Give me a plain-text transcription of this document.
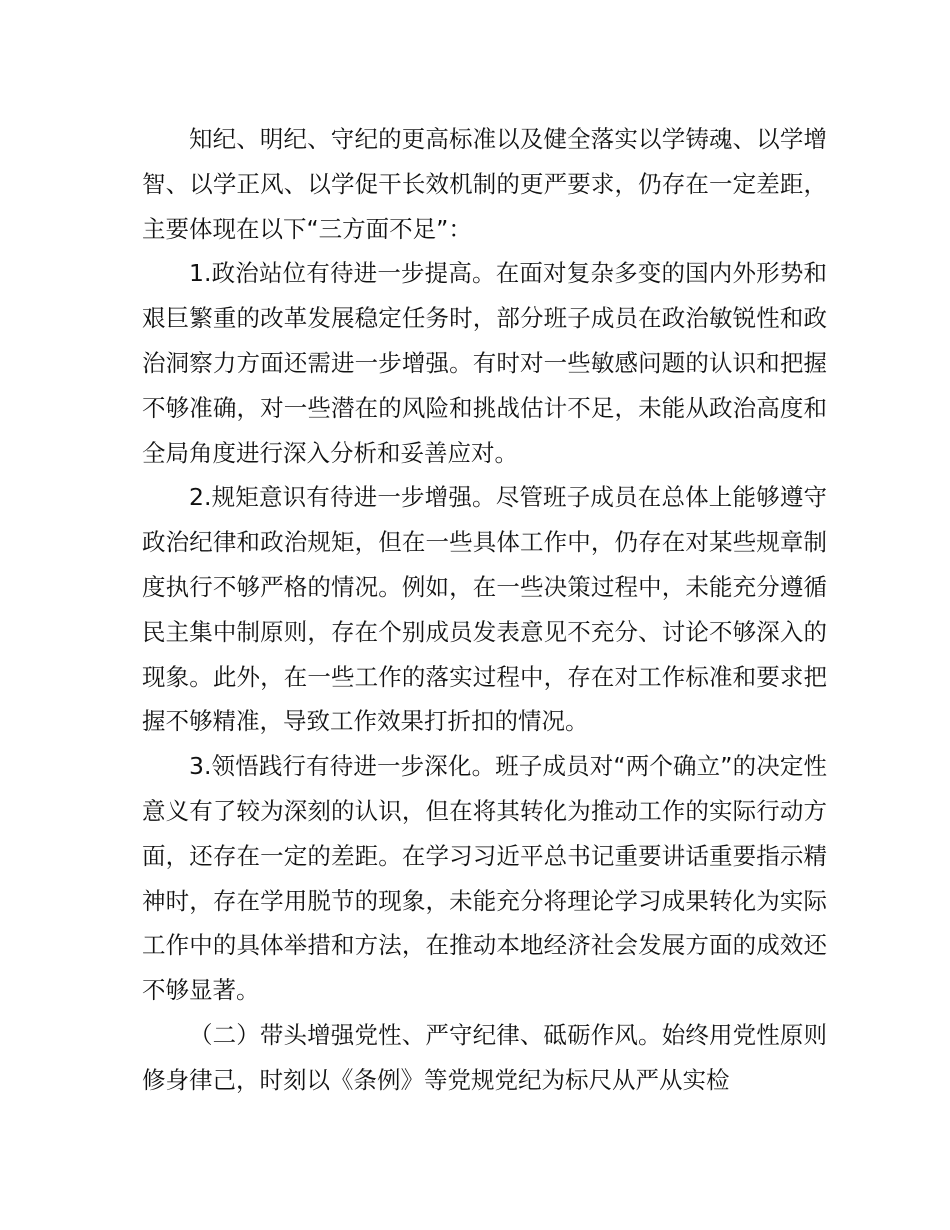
知纪、明纪、守纪的更高标准以及健全落实以学铸魂、以学增智、以学正风、以学促干长效机制的更严要求，仍存在一定差距，主要体现在以下“三方面不足”：

1.政治站位有待进一步提高。在面对复杂多变的国内外形势和艰巨繁重的改革发展稳定任务时，部分班子成员在政治敏锐性和政治洞察力方面还需进一步增强。有时对一些敏感问题的认识和把握不够准确，对一些潜在的风险和挑战估计不足，未能从政治高度和全局角度进行深入分析和妥善应对。

2.规矩意识有待进一步增强。尽管班子成员在总体上能够遵守政治纪律和政治规矩，但在一些具体工作中，仍存在对某些规章制度执行不够严格的情况。例如，在一些决策过程中，未能充分遵循民主集中制原则，存在个别成员发表意见不充分、讨论不够深入的现象。此外，在一些工作的落实过程中，存在对工作标准和要求把握不够精准，导致工作效果打折扣的情况。

3.领悟践行有待进一步深化。班子成员对“两个确立”的决定性意义有了较为深刻的认识，但在将其转化为推动工作的实际行动方面，还存在一定的差距。在学习习近平总书记重要讲话重要指示精神时，存在学用脱节的现象，未能充分将理论学习成果转化为实际工作中的具体举措和方法，在推动本地经济社会发展方面的成效还不够显著。

（二）带头增强党性、严守纪律、砥砺作风。始终用党性原则修身律己，时刻以《条例》等党规党纪为标尺从严从实检
